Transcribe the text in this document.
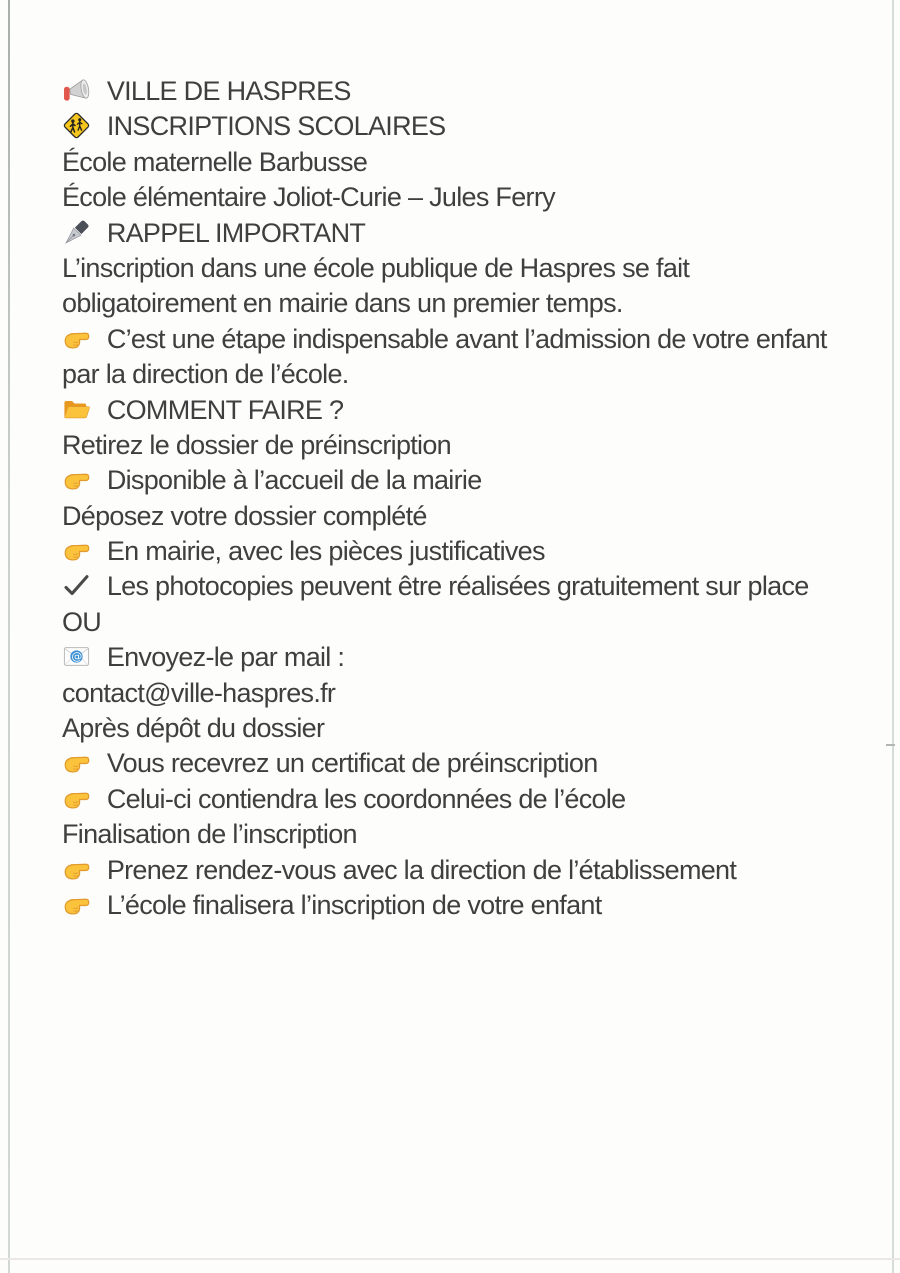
VILLE DE HASPRES
INSCRIPTIONS SCOLAIRES
École maternelle Barbusse
École élémentaire Joliot-Curie – Jules Ferry
RAPPEL IMPORTANT
L’inscription dans une école publique de Haspres se fait
obligatoirement en mairie dans un premier temps.
C’est une étape indispensable avant l’admission de votre enfant
par la direction de l’école.
COMMENT FAIRE ?
Retirez le dossier de préinscription
Disponible à l’accueil de la mairie
Déposez votre dossier complété
En mairie, avec les pièces justificatives
Les photocopies peuvent être réalisées gratuitement sur place
OU
@ Envoyez-le par mail :
contact@ville-haspres.fr
Après dépôt du dossier
Vous recevrez un certificat de préinscription
Celui-ci contiendra les coordonnées de l’école
Finalisation de l’inscription
Prenez rendez-vous avec la direction de l’établissement
L’école finalisera l’inscription de votre enfant
